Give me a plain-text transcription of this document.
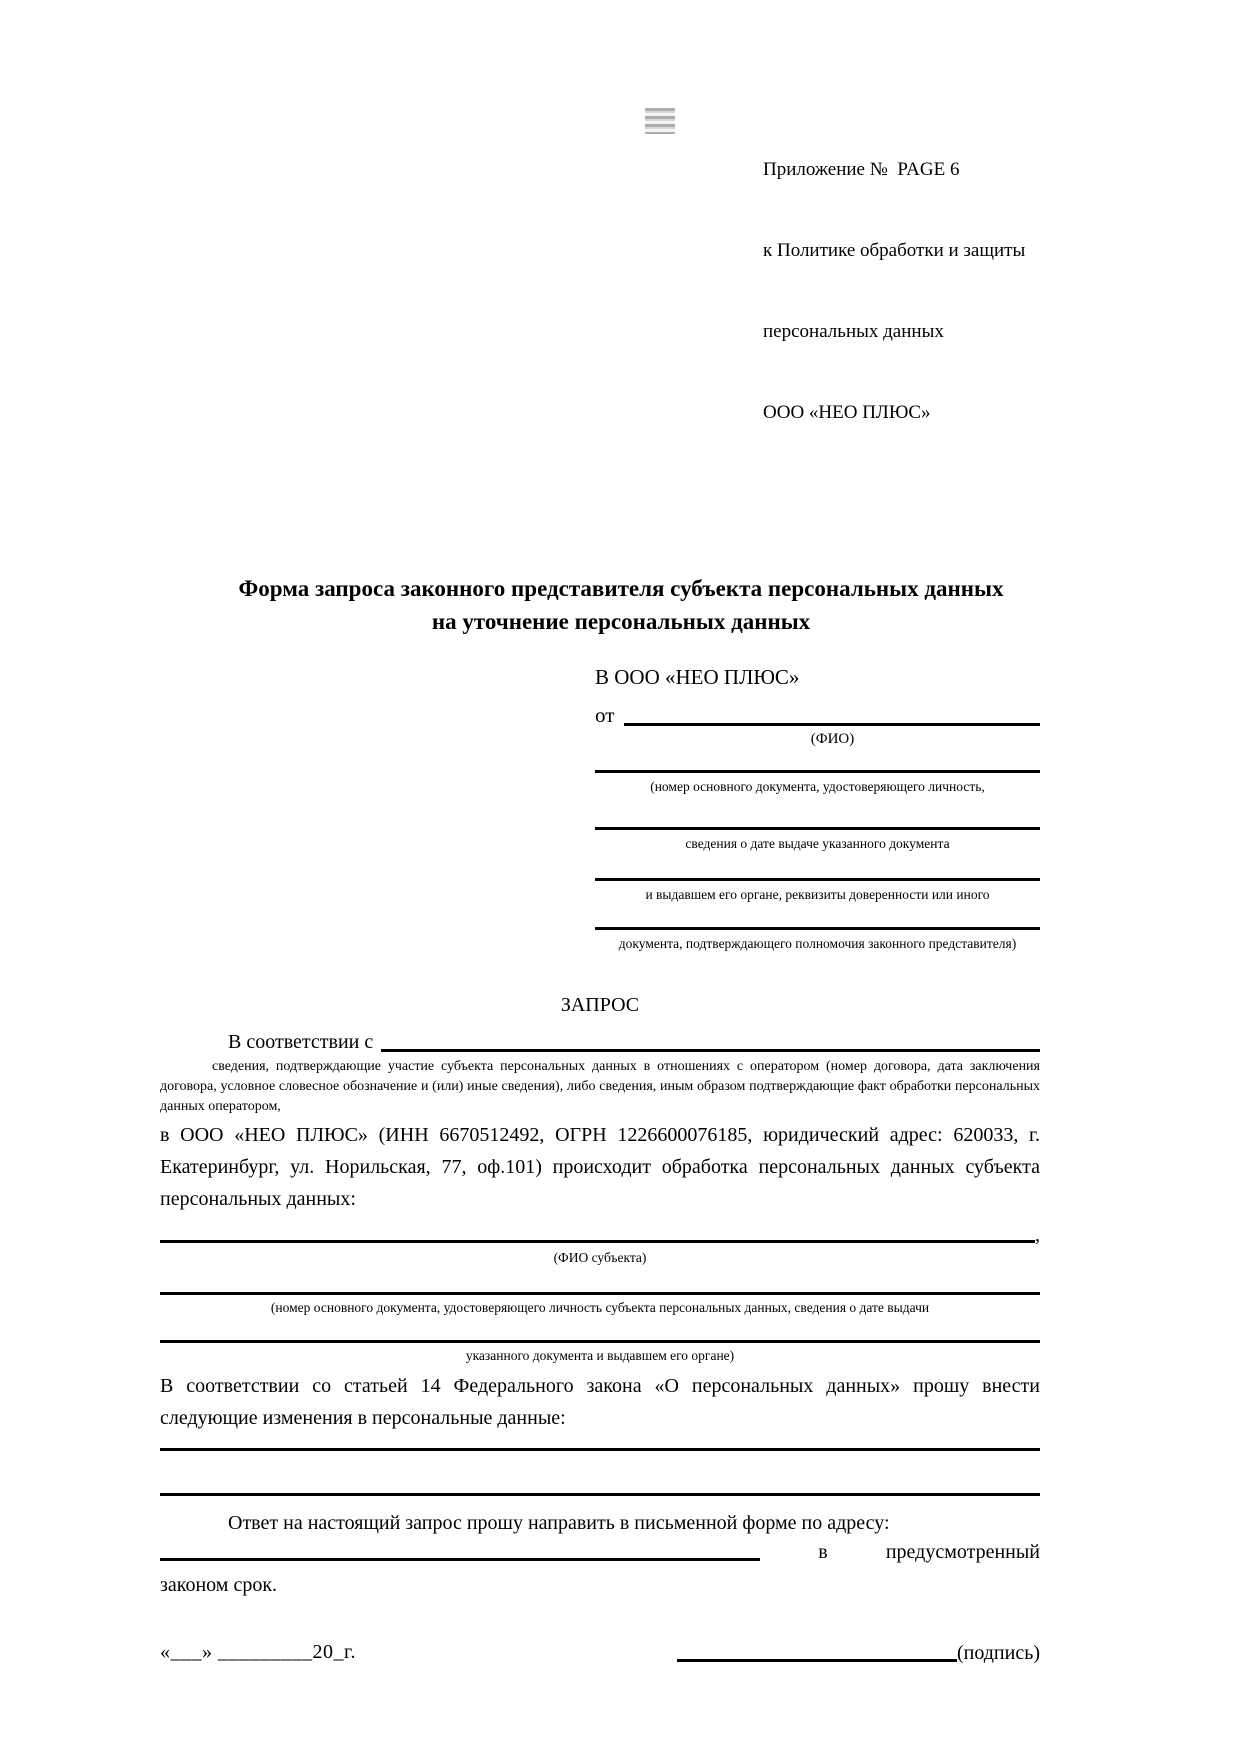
Приложение №  PAGE 6

к Политике обработки и защиты

персональных данных

ООО «НЕО ПЛЮС»

Форма запроса законного представителя субъекта персональных данных
на уточнение персональных данных
В ООО «НЕО ПЛЮС»
от
(ФИО)
(номер основного документа, удостоверяющего личность,
сведения о дате выдаче указанного документа
и выдавшем его органе, реквизиты доверенности или иного
документа, подтверждающего полномочия законного представителя)
ЗАПРОС
В соответствии с
сведения, подтверждающие участие субъекта персональных данных в отношениях с оператором (номер договора, дата заключения договора, условное словесное обозначение и (или) иные сведения), либо сведения, иным образом подтверждающие факт обработки персональных данных оператором,
в ООО «НЕО ПЛЮС» (ИНН 6670512492, ОГРН 1226600076185, юридический адрес: 620033, г. Екатеринбург, ул. Норильская, 77, оф.101) происходит обработка персональных данных субъекта персональных данных:
,
(ФИО субъекта)
(номер основного документа, удостоверяющего личность субъекта персональных данных, сведения о дате выдачи
указанного документа и выдавшем его органе)
В соответствии со статьей 14 Федерального закона «О персональных данных» прошу внести следующие изменения в персональные данные:
Ответ на настоящий запрос прошу направить в письменной форме по адресу:
в	предусмотренный
законом срок.
«___» _________20_г.	(подпись)
